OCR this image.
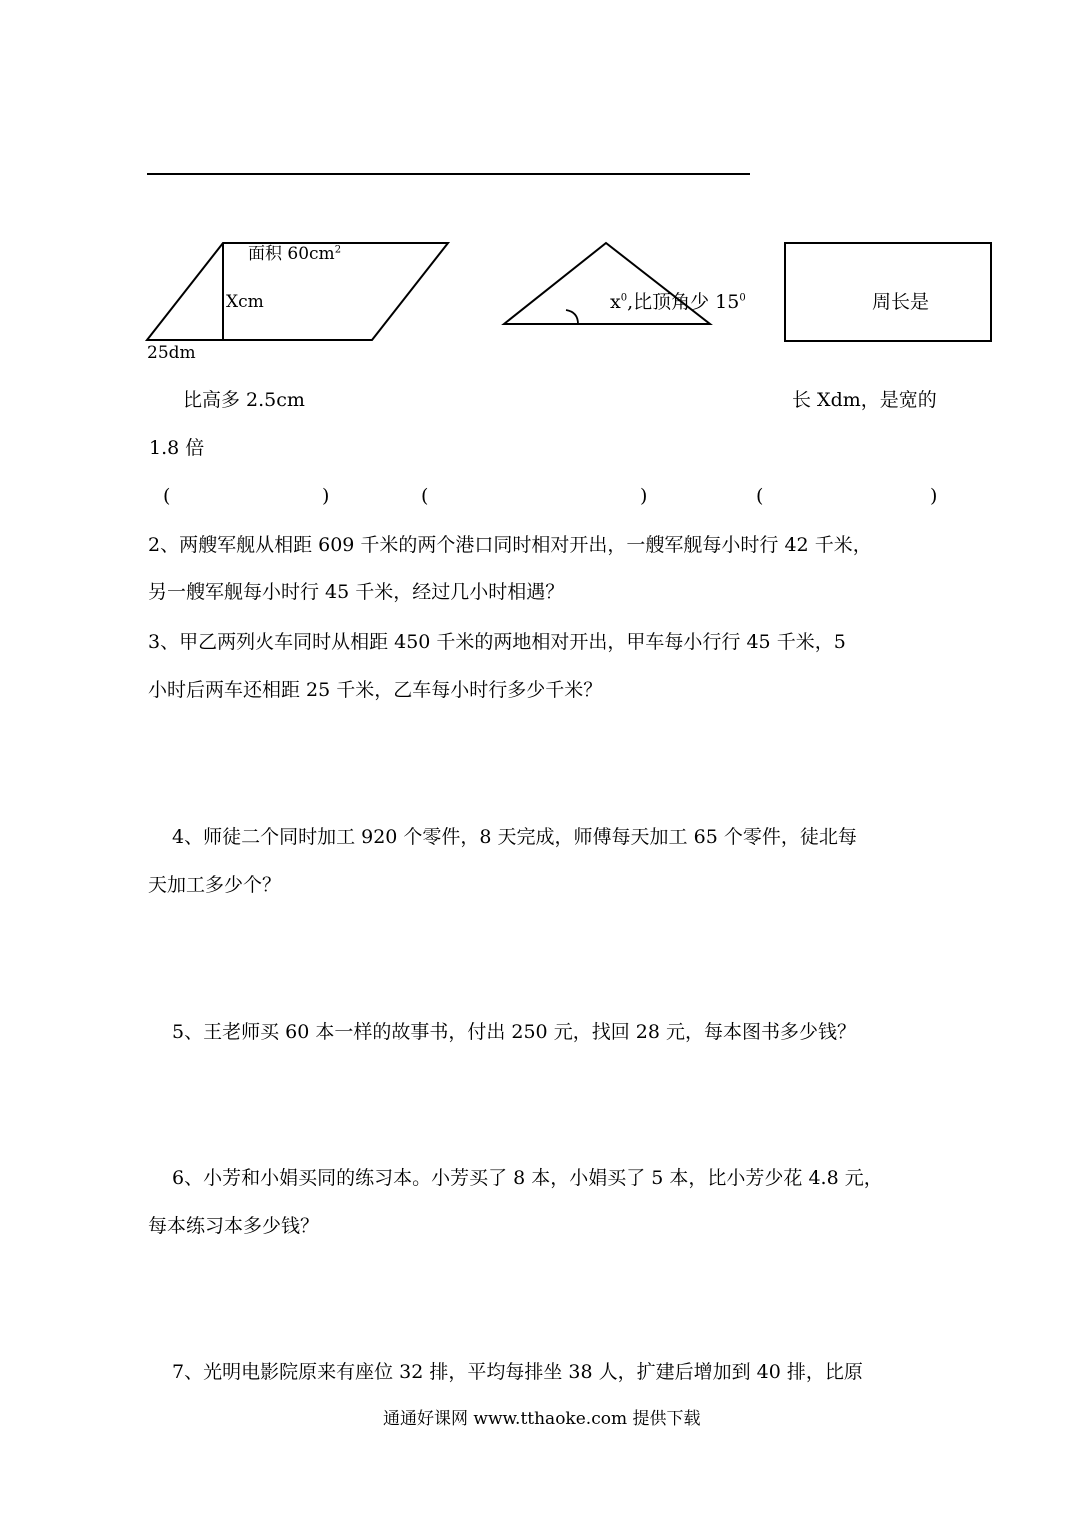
面积 $60cm^2$
Xcm
25dm
比高多 2.5cm
$x^0$,比顶角少 $15^0$	周长是
长 Xdm，是宽的
1.8 倍
(	)	(	)	(	)
2、两艘军舰从相距 609 千米的两个港口同时相对开出，一艘军舰每小时行 42 千米，
另一艘军舰每小时行 45 千米，经过几小时相遇？
3、甲乙两列火车同时从相距 450 千米的两地相对开出，甲车每小行行 45 千米，5
小时后两车还相距 25 千米，乙车每小时行多少千米？
4、师徒二个同时加工 920 个零件，8 天完成，师傅每天加工 65 个零件，徒北每
天加工多少个？
5、王老师买 60 本一样的故事书，付出 250 元，找回 28 元，每本图书多少钱？
6、小芳和小娟买同的练习本。小芳买了 8 本，小娟买了 5 本，比小芳少花 4.8 元，
每本练习本多少钱？
7、光明电影院原来有座位 32 排，平均每排坐 38 人，扩建后增加到 40 排，比原
通通好课网 www.tthaoke.com 提供下载
